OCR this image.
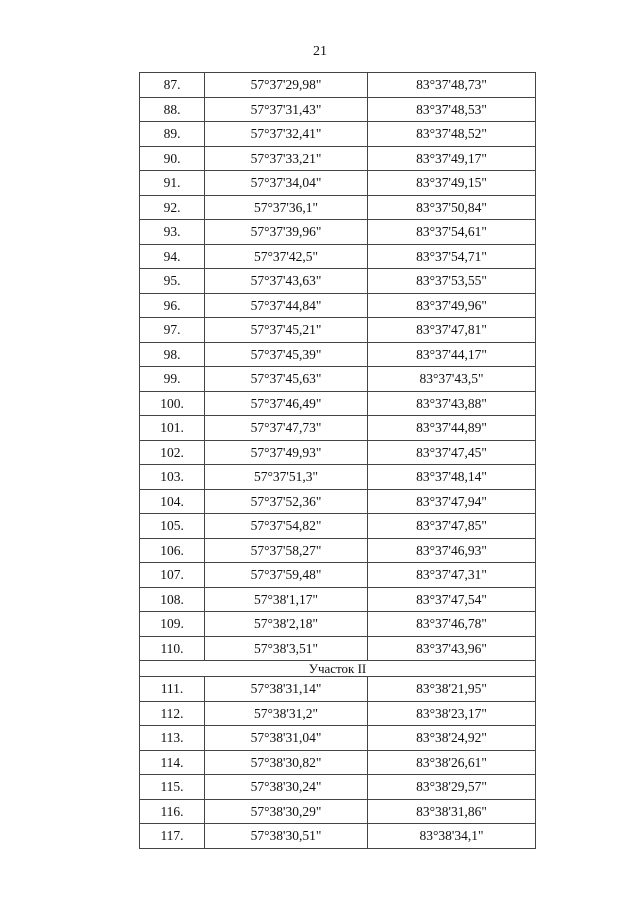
21
87.	57°37'29,98"	83°37'48,73"
88.	57°37'31,43"	83°37'48,53"
89.	57°37'32,41"	83°37'48,52"
90.	57°37'33,21"	83°37'49,17"
91.	57°37'34,04"	83°37'49,15"
92.	57°37'36,1"	83°37'50,84"
93.	57°37'39,96"	83°37'54,61"
94.	57°37'42,5"	83°37'54,71"
95.	57°37'43,63"	83°37'53,55"
96.	57°37'44,84"	83°37'49,96"
97.	57°37'45,21"	83°37'47,81"
98.	57°37'45,39"	83°37'44,17"
99.	57°37'45,63"	83°37'43,5"
100.	57°37'46,49"	83°37'43,88"
101.	57°37'47,73"	83°37'44,89"
102.	57°37'49,93"	83°37'47,45"
103.	57°37'51,3"	83°37'48,14"
104.	57°37'52,36"	83°37'47,94"
105.	57°37'54,82"	83°37'47,85"
106.	57°37'58,27"	83°37'46,93"
107.	57°37'59,48"	83°37'47,31"
108.	57°38'1,17"	83°37'47,54"
109.	57°38'2,18"	83°37'46,78"
110.	57°38'3,51"	83°37'43,96"
Участок II		
111.	57°38'31,14"	83°38'21,95"
112.	57°38'31,2"	83°38'23,17"
113.	57°38'31,04"	83°38'24,92"
114.	57°38'30,82"	83°38'26,61"
115.	57°38'30,24"	83°38'29,57"
116.	57°38'30,29"	83°38'31,86"
117.	57°38'30,51"	83°38'34,1"
